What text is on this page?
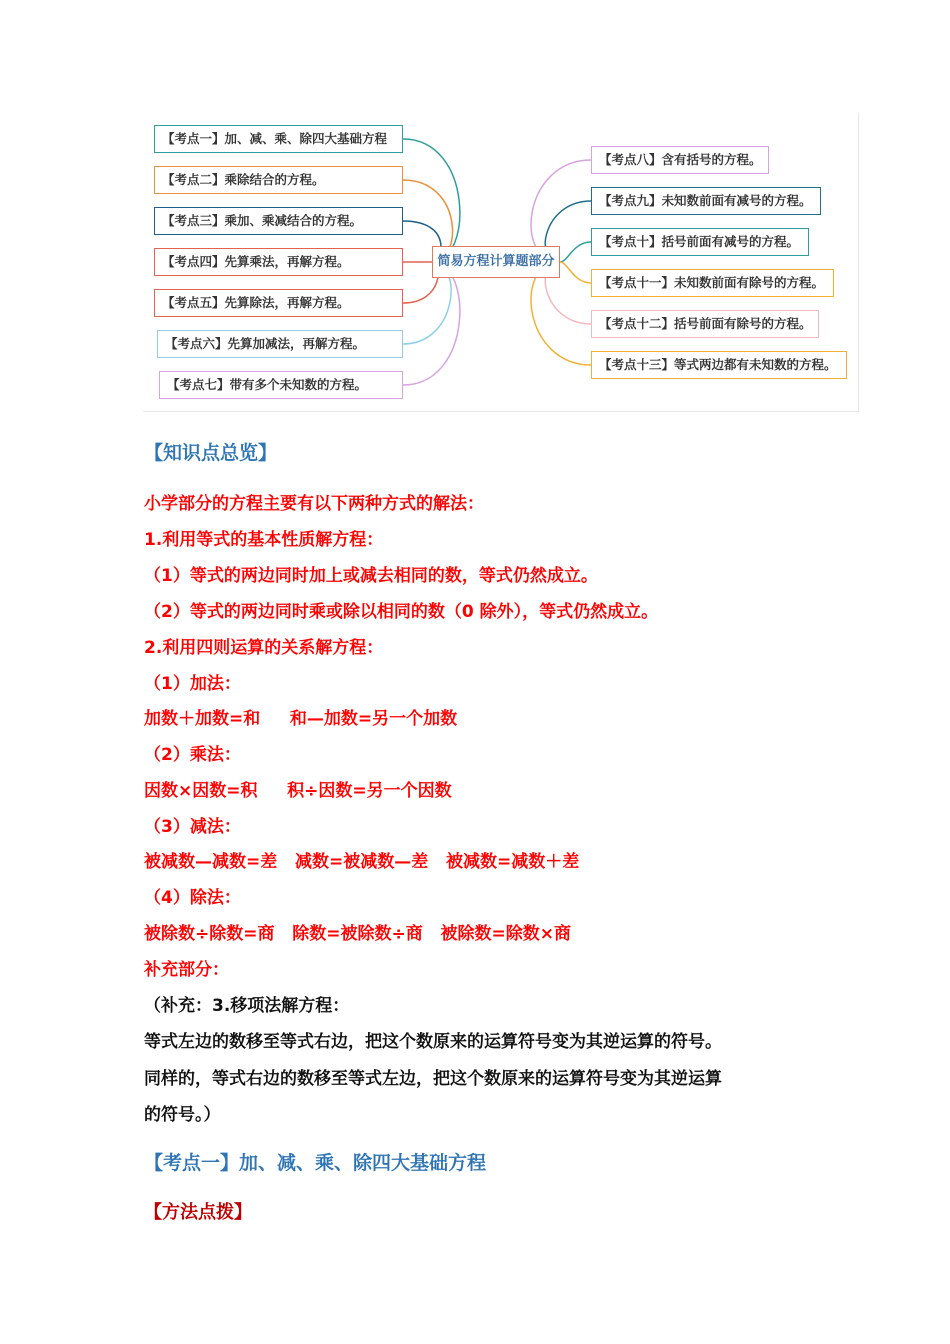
【考点一】加、减、乘、除四大基础方程
【考点二】乘除结合的方程。
【考点三】乘加、乘减结合的方程。
【考点四】先算乘法，再解方程。
【考点五】先算除法，再解方程。
【考点六】先算加减法，再解方程。
【考点七】带有多个未知数的方程。
简易方程计算题部分
【考点八】含有括号的方程。
【考点九】未知数前面有减号的方程。
【考点十】括号前面有减号的方程。
【考点十一】未知数前面有除号的方程。
【考点十二】括号前面有除号的方程。
【考点十三】等式两边都有未知数的方程。
【知识点总览】
小学部分的方程主要有以下两种方式的解法：
1.利用等式的基本性质解方程：
（1）等式的两边同时加上或减去相同的数，等式仍然成立。
（2）等式的两边同时乘或除以相同的数（0 除外），等式仍然成立。
2.利用四则运算的关系解方程：
（1）加法：
加数＋加数=和     和—加数=另一个加数
（2）乘法：
因数×因数=积     积÷因数=另一个因数
（3）减法：
被减数—减数=差   减数=被减数—差   被减数=减数＋差
（4）除法：
被除数÷除数=商   除数=被除数÷商   被除数=除数×商
补充部分：
（补充：3.移项法解方程：
等式左边的数移至等式右边，把这个数原来的运算符号变为其逆运算的符号。
同样的，等式右边的数移至等式左边，把这个数原来的运算符号变为其逆运算
的符号。）
【考点一】加、减、乘、除四大基础方程
【方法点拨】
